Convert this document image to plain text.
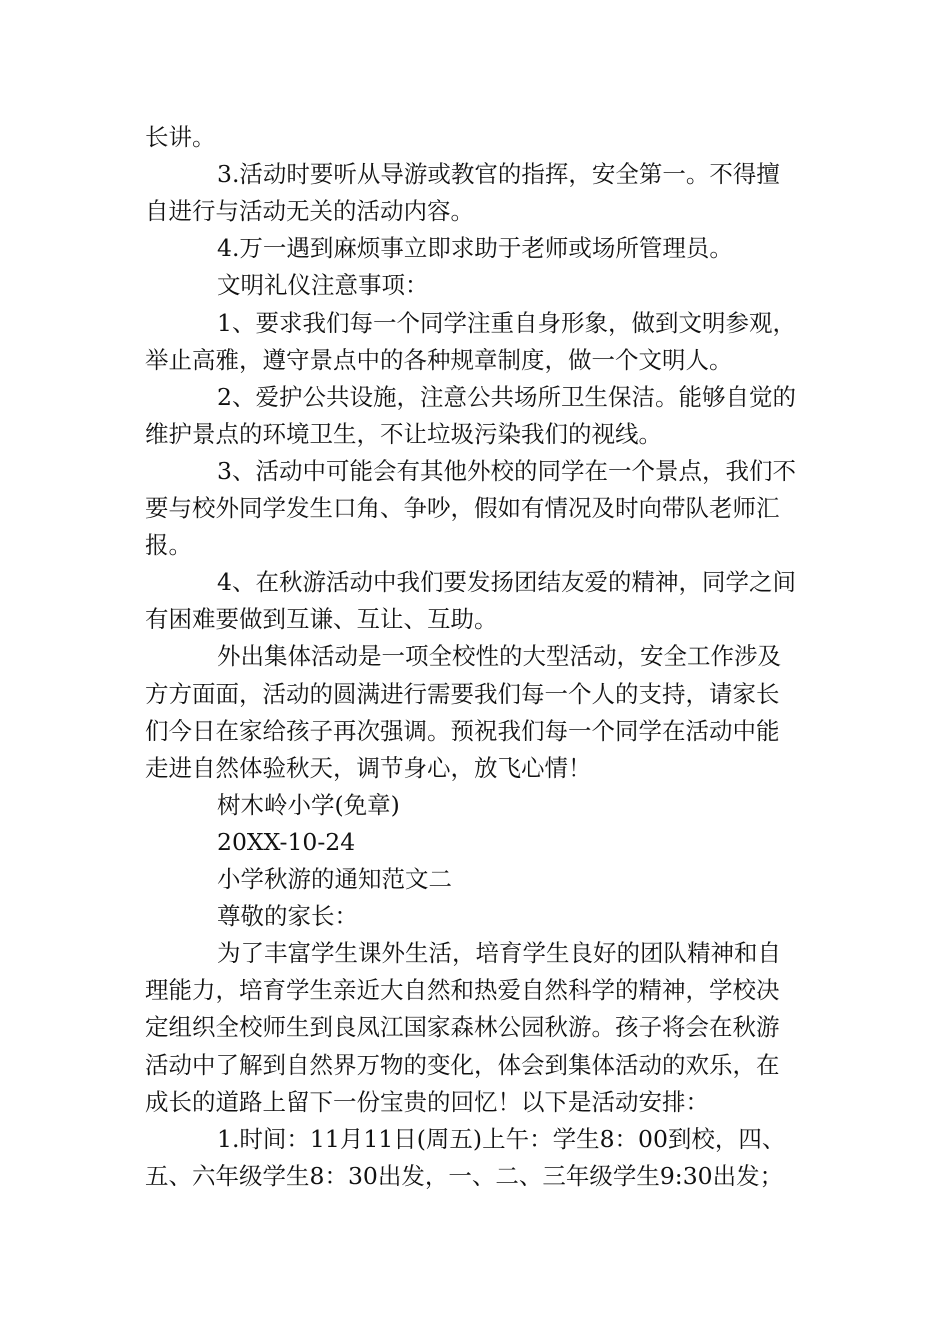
长讲。

3.活动时要听从导游或教官的指挥，安全第一。不得擅

自进行与活动无关的活动内容。

4.万一遇到麻烦事立即求助于老师或场所管理员。

文明礼仪注意事项：

1、要求我们每一个同学注重自身形象，做到文明参观，

举止高雅，遵守景点中的各种规章制度，做一个文明人。

2、爱护公共设施，注意公共场所卫生保洁。能够自觉的

维护景点的环境卫生，不让垃圾污染我们的视线。

3、活动中可能会有其他外校的同学在一个景点，我们不

要与校外同学发生口角、争吵，假如有情况及时向带队老师汇

报。

4、在秋游活动中我们要发扬团结友爱的精神，同学之间

有困难要做到互谦、互让、互助。

外出集体活动是一项全校性的大型活动，安全工作涉及

方方面面，活动的圆满进行需要我们每一个人的支持，请家长

们今日在家给孩子再次强调。预祝我们每一个同学在活动中能

走进自然体验秋天，调节身心，放飞心情！

树木岭小学(免章)

20XX-10-24

小学秋游的通知范文二

尊敬的家长：

为了丰富学生课外生活，培育学生良好的团队精神和自

理能力，培育学生亲近大自然和热爱自然科学的精神，学校决

定组织全校师生到良凤江国家森林公园秋游。孩子将会在秋游

活动中了解到自然界万物的变化，体会到集体活动的欢乐，在

成长的道路上留下一份宝贵的回忆！以下是活动安排：

1.时间：11月11日(周五)上午：学生8：00到校，四、

五、六年级学生8：30出发，一、二、三年级学生9:30出发；
